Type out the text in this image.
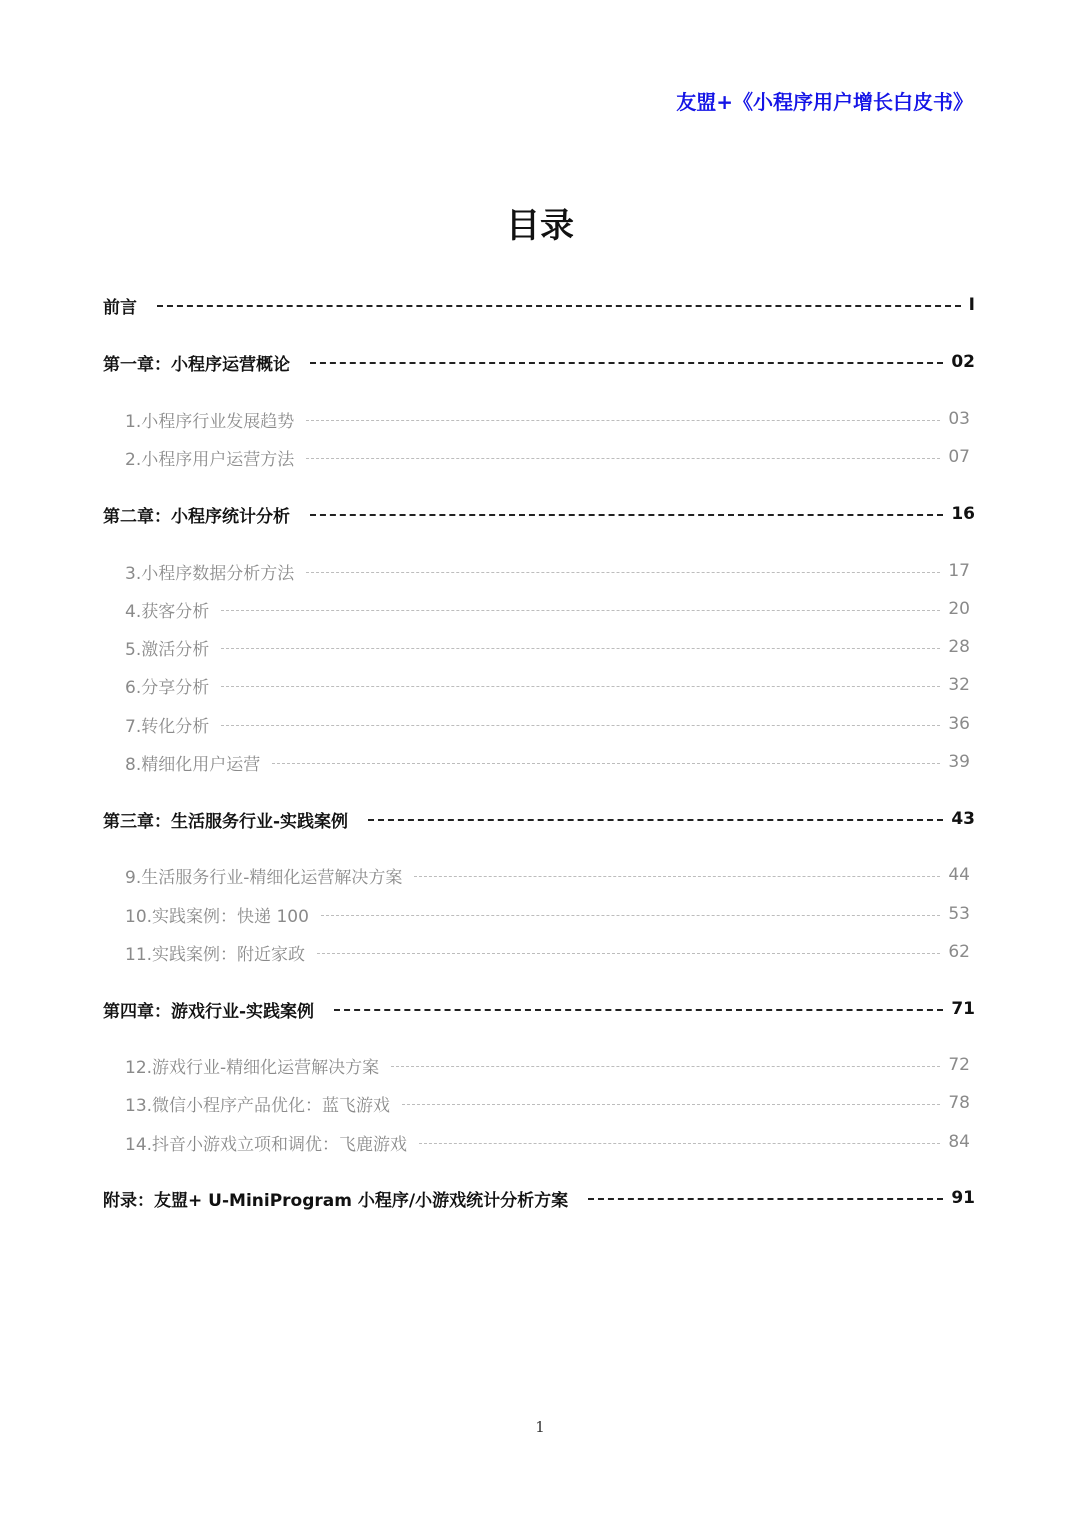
友盟+《小程序用户增长白皮书》
目录
前言	I
第一章：小程序运营概论	02
1.小程序行业发展趋势	03
2.小程序用户运营方法	07
第二章：小程序统计分析	16
3.小程序数据分析方法	17
4.获客分析	20
5.激活分析	28
6.分享分析	32
7.转化分析	36
8.精细化用户运营	39
第三章：生活服务行业-实践案例	43
9.生活服务行业-精细化运营解决方案	44
10.实践案例：快递 100	53
11.实践案例：附近家政	62
第四章：游戏行业-实践案例	71
12.游戏行业-精细化运营解决方案	72
13.微信小程序产品优化：蓝飞游戏	78
14.抖音小游戏立项和调优：飞鹿游戏	84
附录：友盟+ U-MiniProgram 小程序/小游戏统计分析方案	91
1
